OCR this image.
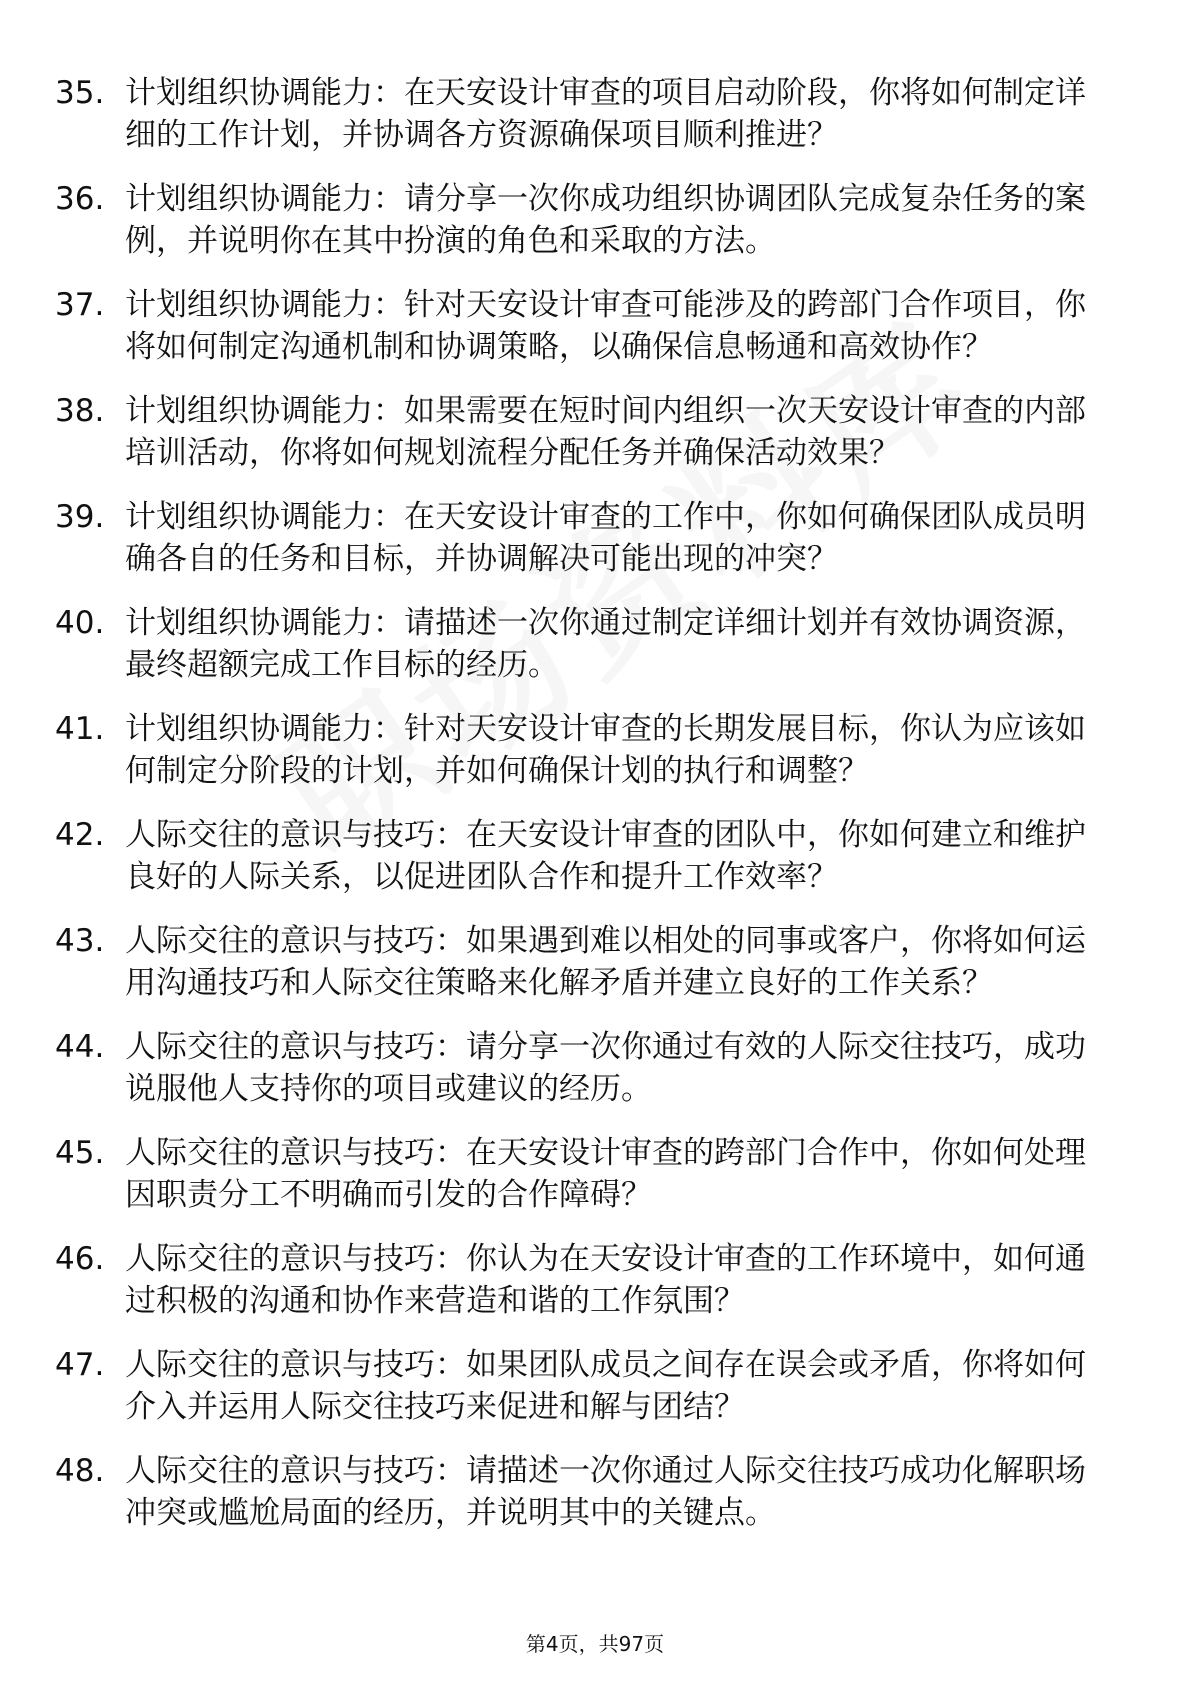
35. 计划组织协调能力：在天安设计审查的项目启动阶段，你将如何制定详细的工作计划，并协调各方资源确保项目顺利推进？
36. 计划组织协调能力：请分享一次你成功组织协调团队完成复杂任务的案例，并说明你在其中扮演的角色和采取的方法。
37. 计划组织协调能力：针对天安设计审查可能涉及的跨部门合作项目，你将如何制定沟通机制和协调策略，以确保信息畅通和高效协作？
38. 计划组织协调能力：如果需要在短时间内组织一次天安设计审查的内部培训活动，你将如何规划流程分配任务并确保活动效果？
39. 计划组织协调能力：在天安设计审查的工作中，你如何确保团队成员明确各自的任务和目标，并协调解决可能出现的冲突？
40. 计划组织协调能力：请描述一次你通过制定详细计划并有效协调资源，最终超额完成工作目标的经历。
41. 计划组织协调能力：针对天安设计审查的长期发展目标，你认为应该如何制定分阶段的计划，并如何确保计划的执行和调整？
42. 人际交往的意识与技巧：在天安设计审查的团队中，你如何建立和维护良好的人际关系，以促进团队合作和提升工作效率？
43. 人际交往的意识与技巧：如果遇到难以相处的同事或客户，你将如何运用沟通技巧和人际交往策略来化解矛盾并建立良好的工作关系？
44. 人际交往的意识与技巧：请分享一次你通过有效的人际交往技巧，成功说服他人支持你的项目或建议的经历。
45. 人际交往的意识与技巧：在天安设计审查的跨部门合作中，你如何处理因职责分工不明确而引发的合作障碍？
46. 人际交往的意识与技巧：你认为在天安设计审查的工作环境中，如何通过积极的沟通和协作来营造和谐的工作氛围？
47. 人际交往的意识与技巧：如果团队成员之间存在误会或矛盾，你将如何介入并运用人际交往技巧来促进和解与团结？
48. 人际交往的意识与技巧：请描述一次你通过人际交往技巧成功化解职场冲突或尴尬局面的经历，并说明其中的关键点。
第4页，共97页
